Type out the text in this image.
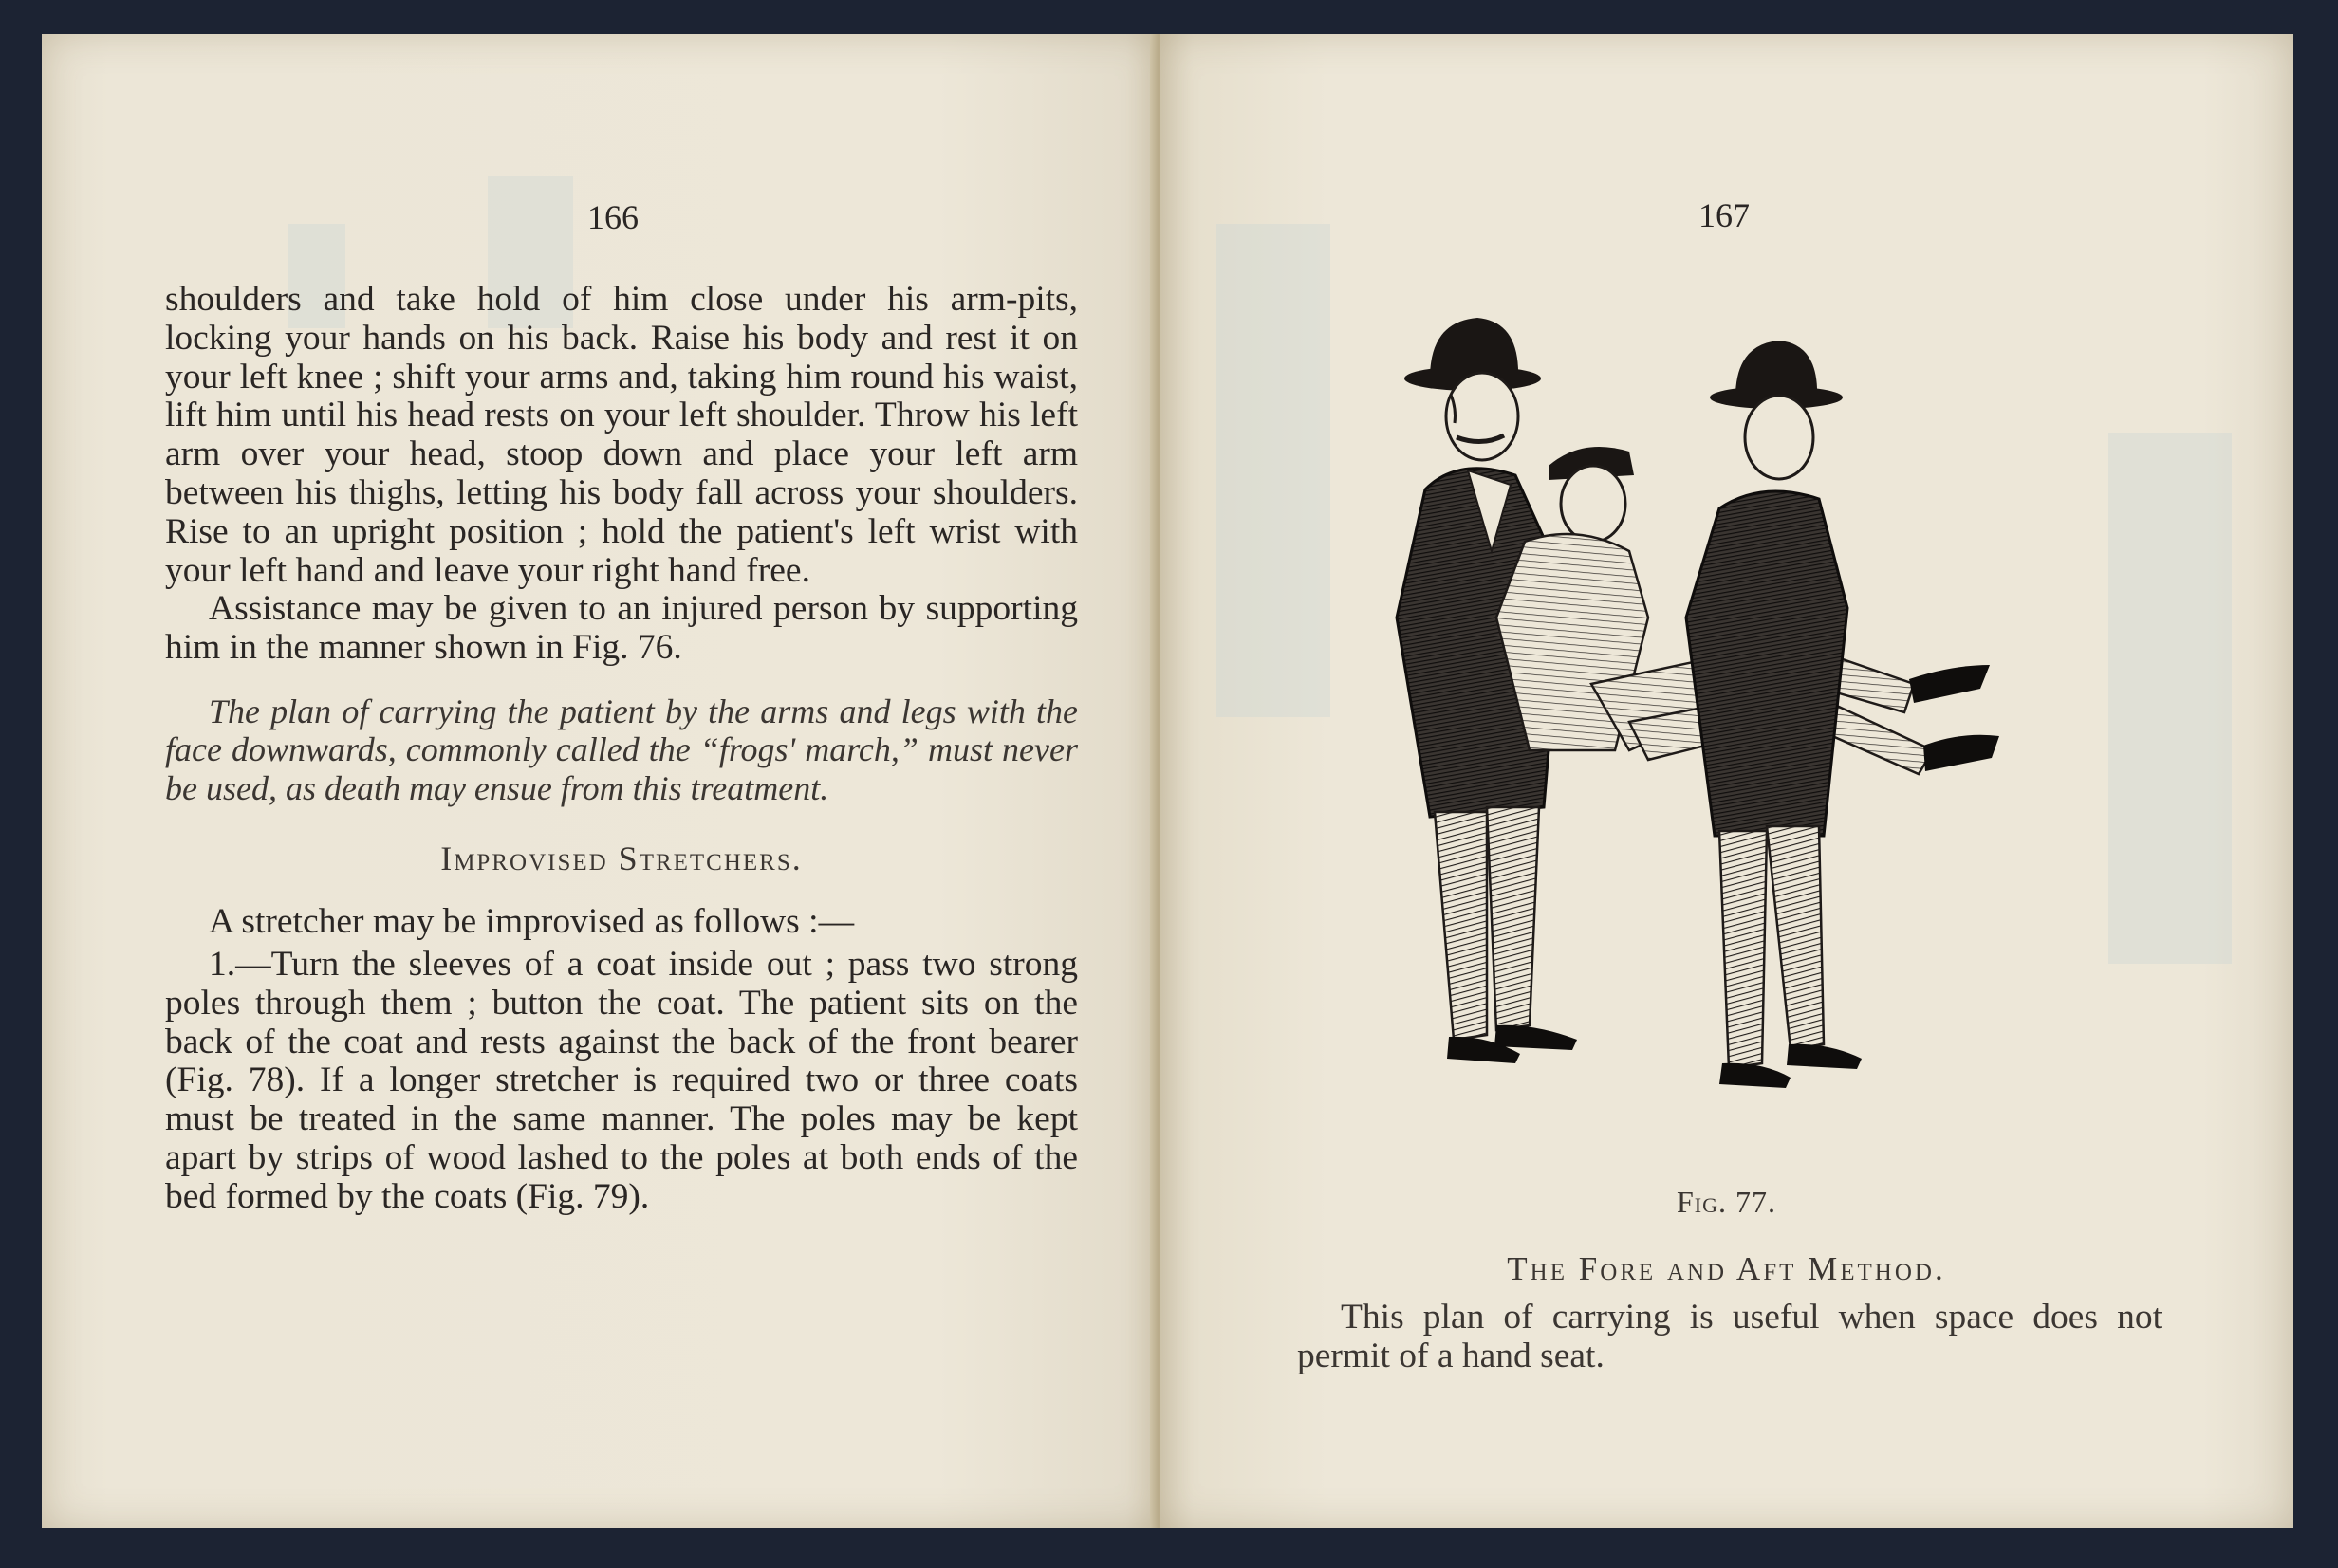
166

shoulders and take hold of him close under his arm-pits, locking your hands on his back. Raise his body and rest it on your left knee ; shift your arms and, taking him round his waist, lift him until his head rests on your left shoulder. Throw his left arm over your head, stoop down and place your left arm between his thighs, letting his body fall across your shoulders. Rise to an upright position ; hold the patient's left wrist with your left hand and leave your right hand free.

Assistance may be given to an injured person by supporting him in the manner shown in Fig. 76.

The plan of carrying the patient by the arms and legs with the face downwards, commonly called the “frogs' march,” must never be used, as death may ensue from this treatment.

Improvised Stretchers.

A stretcher may be improvised as follows :—

1.—Turn the sleeves of a coat inside out ; pass two strong poles through them ; button the coat. The patient sits on the back of the coat and rests against the back of the front bearer (Fig. 78). If a longer stretcher is required two or three coats must be treated in the same manner. The poles may be kept apart by strips of wood lashed to the poles at both ends of the bed formed by the coats (Fig. 79).

167
Fig. 77.
The Fore and Aft Method.

This plan of carrying is useful when space does not permit of a hand seat.
